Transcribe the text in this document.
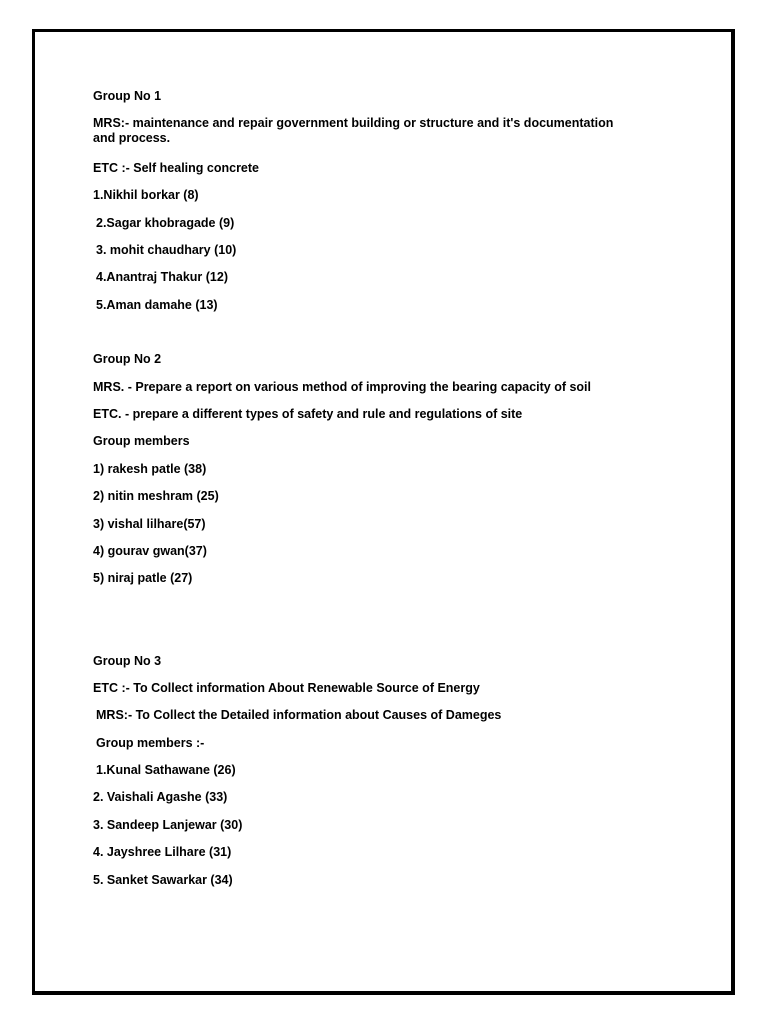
Group No 1
MRS:- maintenance and repair government building or structure and it's documentation and process.
ETC :- Self healing concrete
1.Nikhil borkar (8)
2.Sagar khobragade (9)
3. mohit chaudhary (10)
4.Anantraj Thakur (12)
5.Aman damahe (13)
Group No 2
MRS. - Prepare a report on various method of improving the bearing capacity of soil
ETC. - prepare a different types of safety and rule and regulations of site
Group members
1) rakesh patle (38)
2) nitin meshram (25)
3) vishal lilhare(57)
4) gourav gwan(37)
5) niraj patle (27)
Group No 3
ETC :- To Collect information About Renewable Source of Energy
MRS:- To Collect the Detailed information about Causes of Dameges
Group members :-
1.Kunal Sathawane (26)
2. Vaishali Agashe (33)
3. Sandeep Lanjewar (30)
4. Jayshree Lilhare (31)
5. Sanket Sawarkar (34)
